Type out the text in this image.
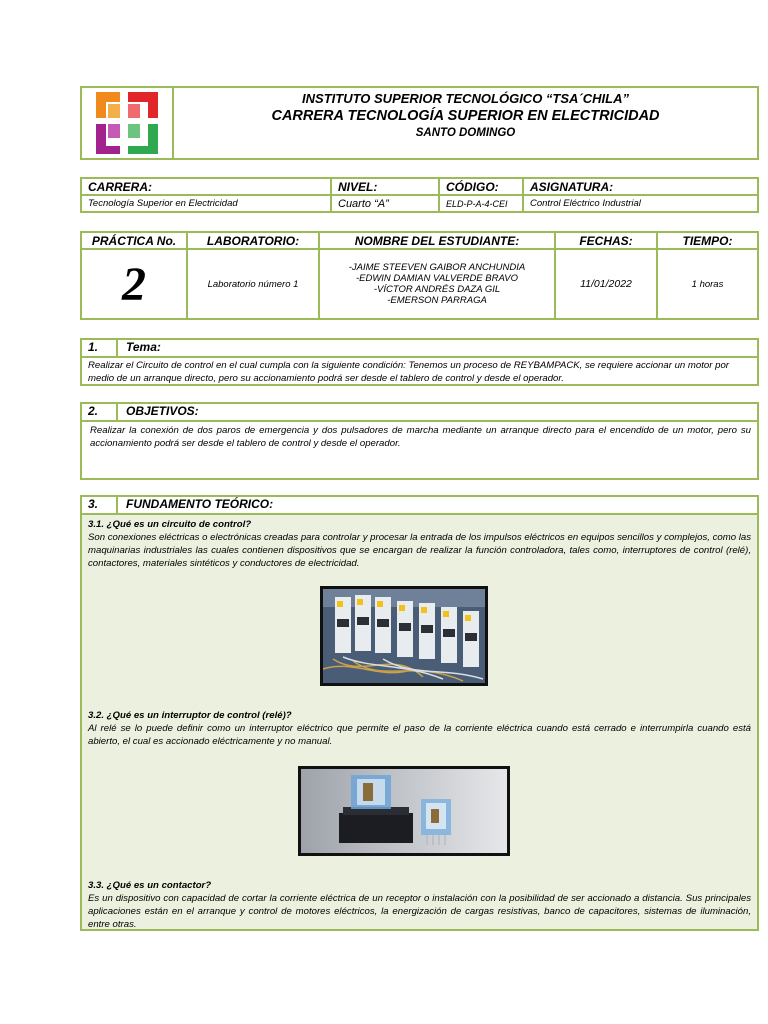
INSTITUTO SUPERIOR TECNOLÓGICO “TSA´CHILA”
CARRERA TECNOLOGÍA SUPERIOR EN ELECTRICIDAD
SANTO DOMINGO
CARRERA:	NIVEL:	CÓDIGO:	ASIGNATURA:
Tecnología Superior en Electricidad	Cuarto “A”	ELD-P-A-4-CEI	Control Eléctrico Industrial
PRÁCTICA No.	LABORATORIO:	NOMBRE DEL ESTUDIANTE:	FECHAS:	TIEMPO:
2	Laboratorio número 1	-JAIME STEEVEN GAIBOR ANCHUNDIA
-EDWIN DAMIAN VALVERDE BRAVO
-VÍCTOR ANDRÉS DAZA GIL
-EMERSON PARRAGA	11/01/2022	1 horas
1.	Tema:
Realizar el Circuito de control en el cual cumpla con la siguiente condición: Tenemos un proceso de REYBAMPACK, se requiere accionar un motor por medio de un arranque directo, pero su accionamiento podrá ser desde el tablero de control y desde el operador.
2.	OBJETIVOS:
Realizar la conexión de dos paros de emergencia y dos pulsadores de marcha mediante un arranque directo para el encendido de un motor, pero su accionamiento podrá ser desde el tablero de control y desde el operador.
3.	FUNDAMENTO TEÓRICO:
3.1. ¿Qué es un circuito de control?
Son conexiones eléctricas o electrónicas creadas para controlar y procesar la entrada de los impulsos eléctricos en equipos sencillos y complejos, como las maquinarias industriales las cuales contienen dispositivos que se encargan de realizar la función controladora, tales como, interruptores de control (relé), contactores, materiales sintéticos y conductores de electricidad.
3.2. ¿Qué es un interruptor de control (relé)?
Al relé se lo puede definir como un interruptor eléctrico que permite el paso de la corriente eléctrica cuando está cerrado e interrumpirla cuando está abierto, el cual es accionado eléctricamente y no manual.
3.3. ¿Qué es un contactor?
Es un dispositivo con capacidad de cortar la corriente eléctrica de un receptor o instalación con la posibilidad de ser accionado a distancia. Sus principales aplicaciones están en el arranque y control de motores eléctricos, la energización de cargas resistivas, banco de capacitores, sistemas de iluminación, entre otras.
